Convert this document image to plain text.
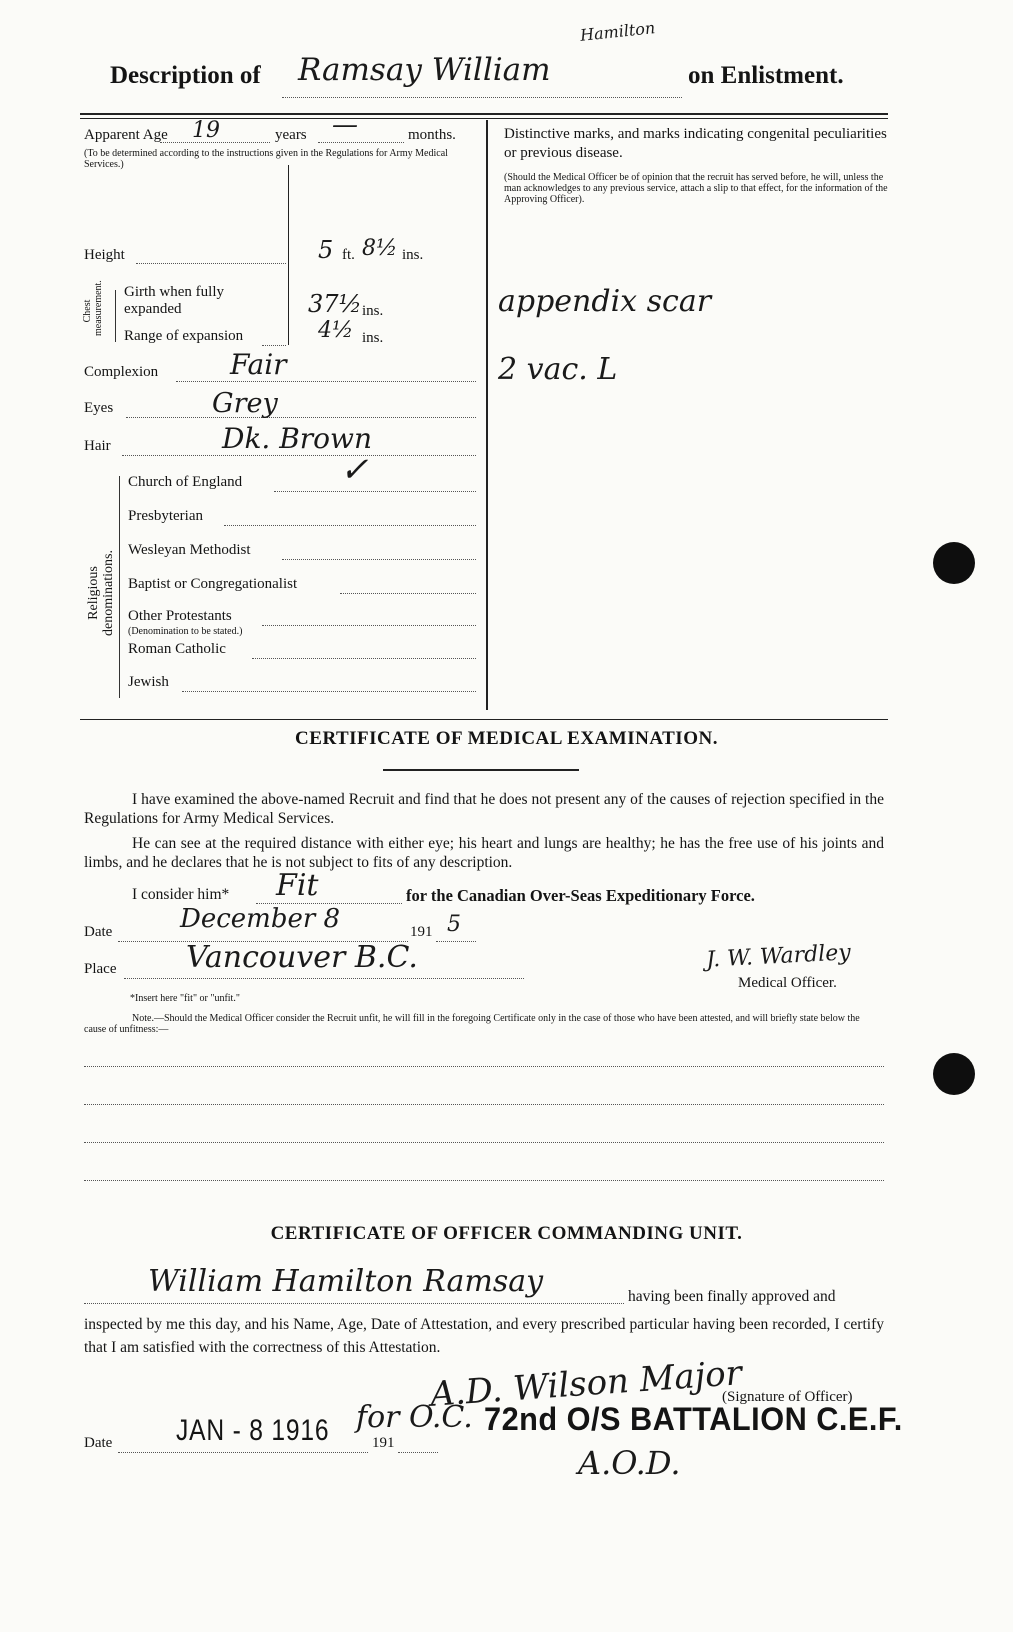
Description of Ramsay William
Hamilton
on Enlistment.
Apparent Age 19	years —	months.
(To be determined according to the instructions given in the Regulations for Army Medical Services.)
Height	5 ft. 8½ ins.
Chest measurement. Girth when fully expanded	37½ ins.
Range of expansion	4½ ins.
Complexion	Fair
Eyes	Grey
Hair	Dk. Brown
Religious denominations.
Church of England	✓
Presbyterian
Wesleyan Methodist
Baptist or Congregationalist
Other Protestants
(Denomination to be stated.)
Roman Catholic
Jewish
Distinctive marks, and marks indicating congenital peculiarities or previous disease.
(Should the Medical Officer be of opinion that the recruit has served before, he will, unless the man acknowledges to any previous service, attach a slip to that effect, for the information of the Approving Officer).
appendix scar
2 vac. L
CERTIFICATE OF MEDICAL EXAMINATION.
I have examined the above-named Recruit and find that he does not present any of the causes of rejection specified in the Regulations for Army Medical Services.
He can see at the required distance with either eye; his heart and lungs are healthy; he has the free use of his joints and limbs, and he declares that he is not subject to fits of any description.
I consider him* Fit	for the Canadian Over-Seas Expeditionary Force.
Date	December 8	191 5
Place Vancouver B.C.	J. W. Wardley
Medical Officer.
*Insert here "fit" or "unfit."
Note.—Should the Medical Officer consider the Recruit unfit, he will fill in the foregoing Certificate only in the case of those who have been attested, and will briefly state below the cause of unfitness:—
CERTIFICATE OF OFFICER COMMANDING UNIT.
William Hamilton Ramsay	having been finally approved and
inspected by me this day, and his Name, Age, Date of Attestation, and every prescribed particular having been recorded, I certify that I am satisfied with the correctness of this Attestation.
A.D. Wilson Major
(Signature of Officer)
for O.C. 72nd O/S BATTALION C.E.F.
Date JAN - 8 1916	191
A.O.D.
